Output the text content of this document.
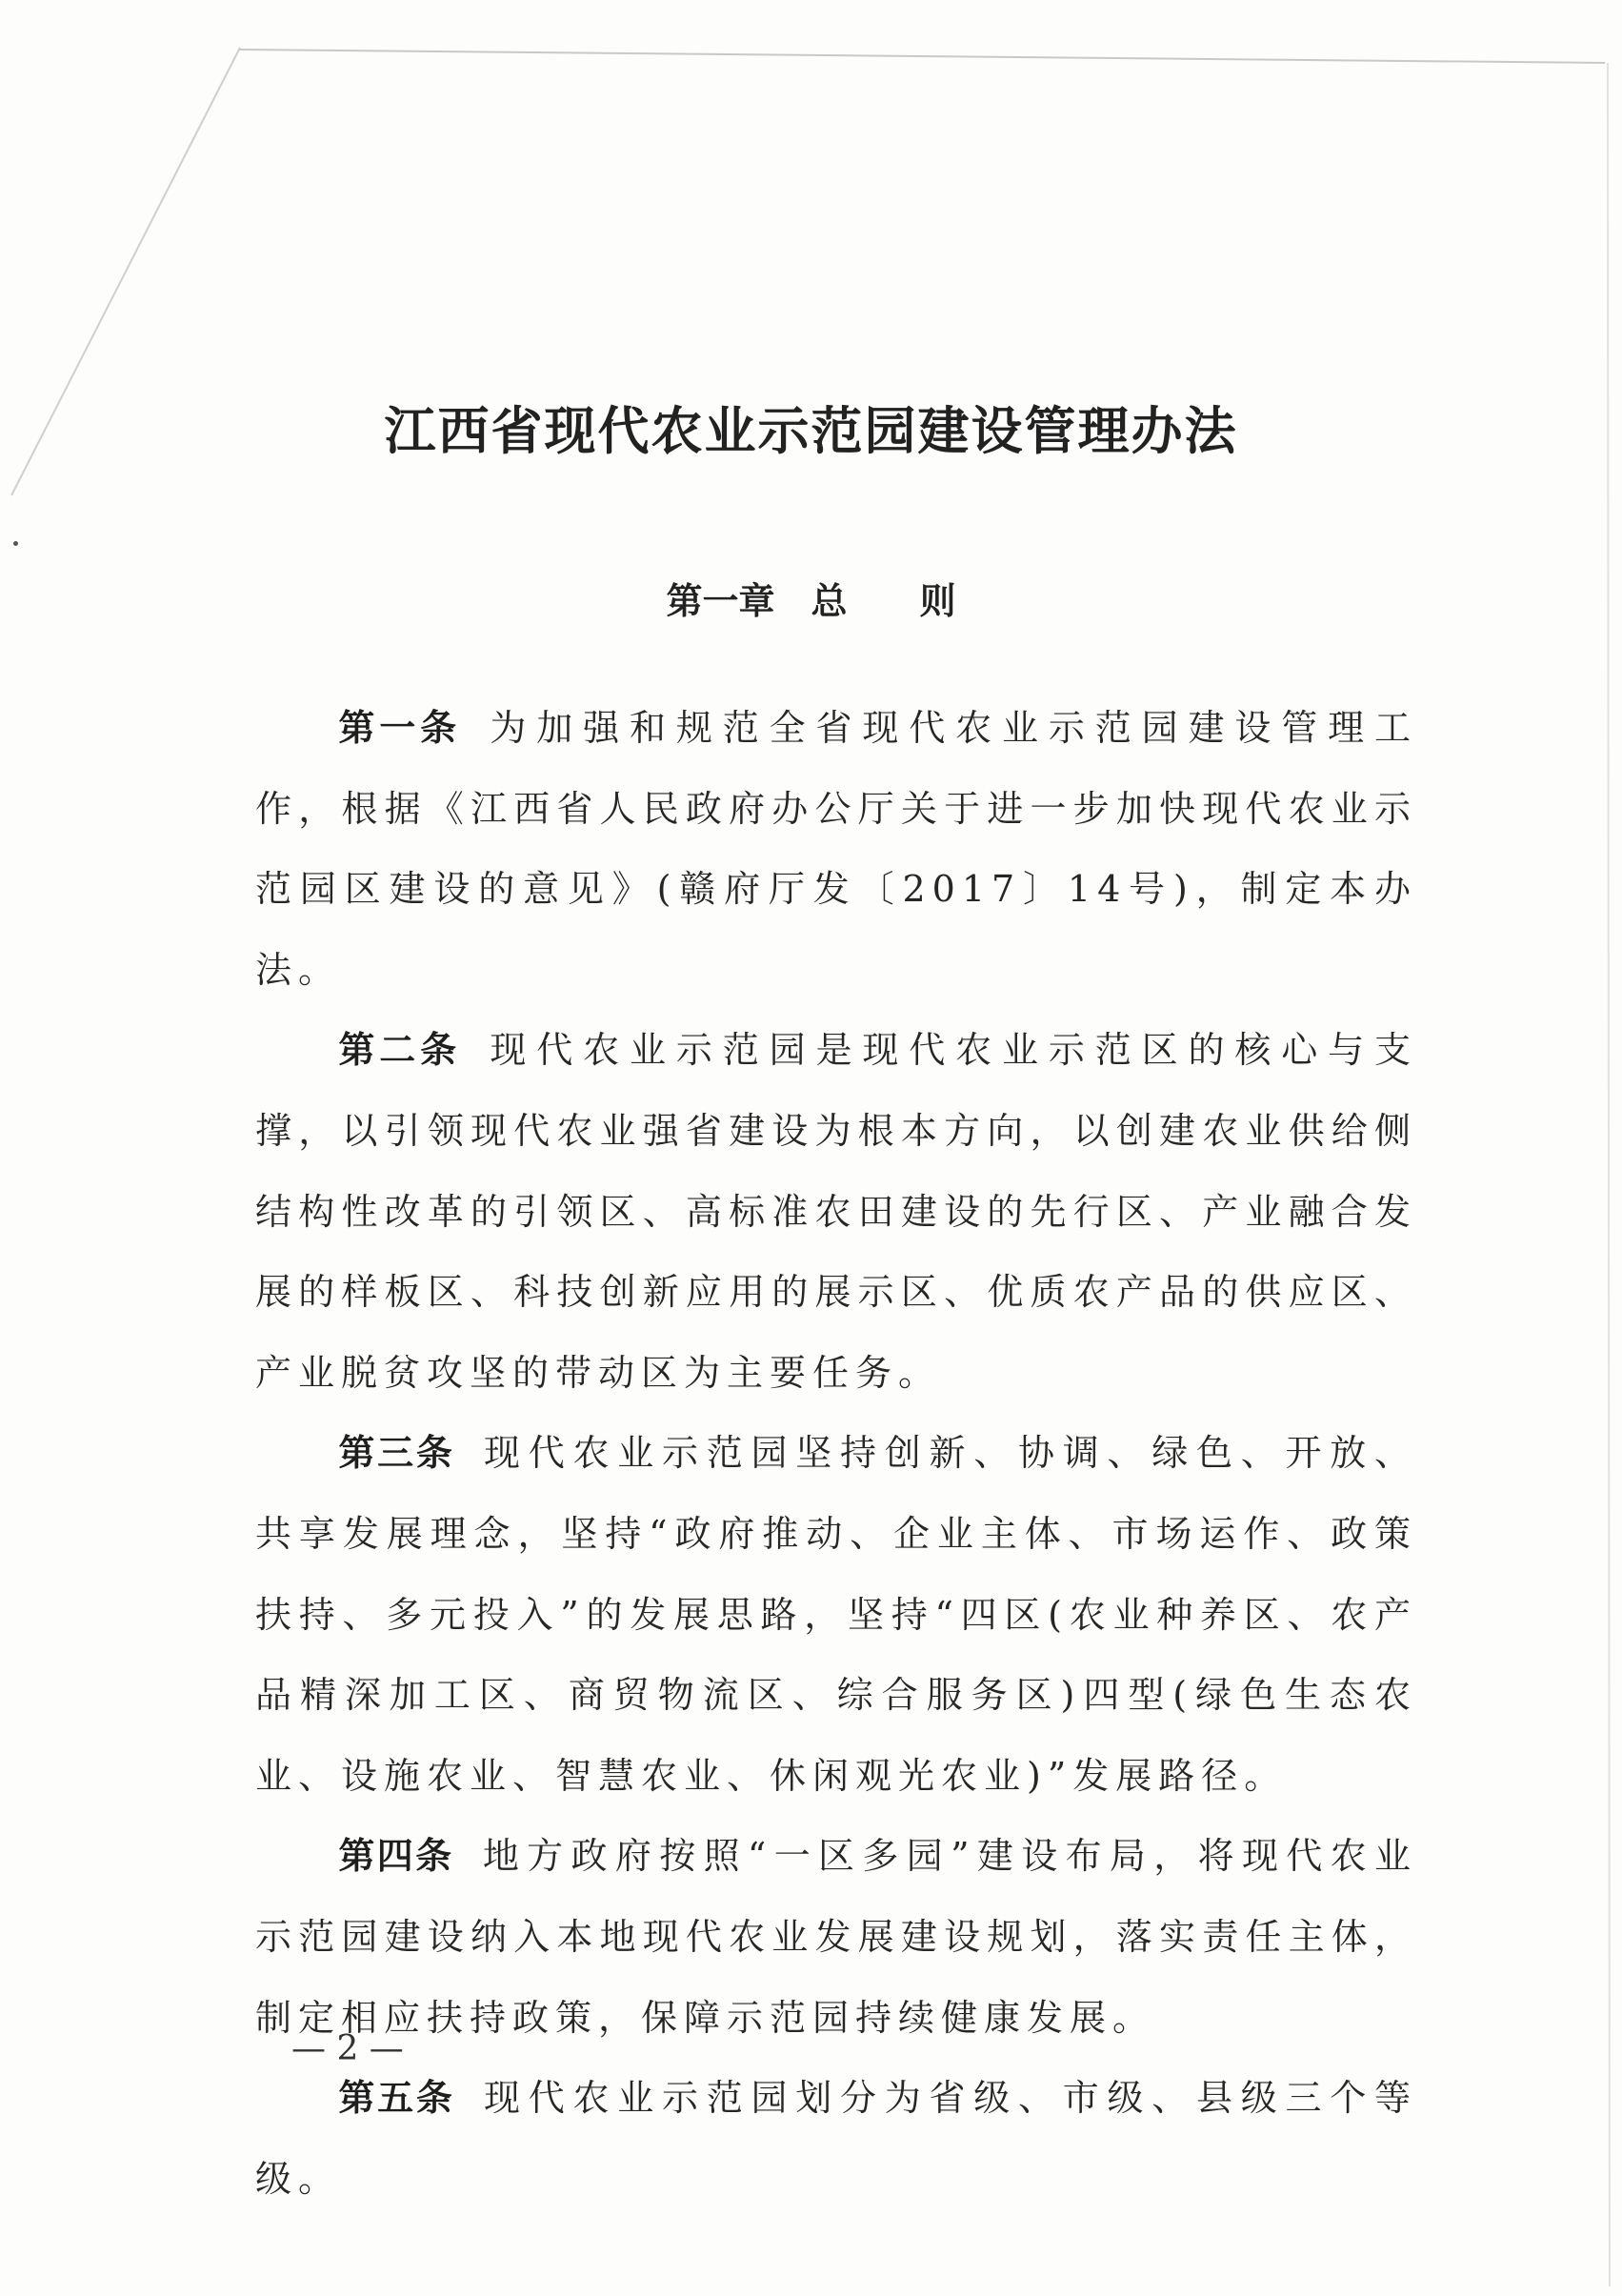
江西省现代农业示范园建设管理办法
第一章　总　　则

第一条 为加强和规范全省现代农业示范园建设管理工作，根据《江西省人民政府办公厅关于进一步加快现代农业示范园区建设的意见》(赣府厅发〔2017〕14号)，制定本办法。

第二条 现代农业示范园是现代农业示范区的核心与支撑，以引领现代农业强省建设为根本方向，以创建农业供给侧结构性改革的引领区、高标准农田建设的先行区、产业融合发展的样板区、科技创新应用的展示区、优质农产品的供应区、产业脱贫攻坚的带动区为主要任务。

第三条 现代农业示范园坚持创新、协调、绿色、开放、共享发展理念，坚持“政府推动、企业主体、市场运作、政策扶持、多元投入”的发展思路，坚持“四区(农业种养区、农产品精深加工区、商贸物流区、综合服务区)四型(绿色生态农业、设施农业、智慧农业、休闲观光农业)”发展路径。

第四条 地方政府按照“一区多园”建设布局，将现代农业示范园建设纳入本地现代农业发展建设规划，落实责任主体，制定相应扶持政策，保障示范园持续健康发展。

第五条 现代农业示范园划分为省级、市级、县级三个等级。

— 2 —
